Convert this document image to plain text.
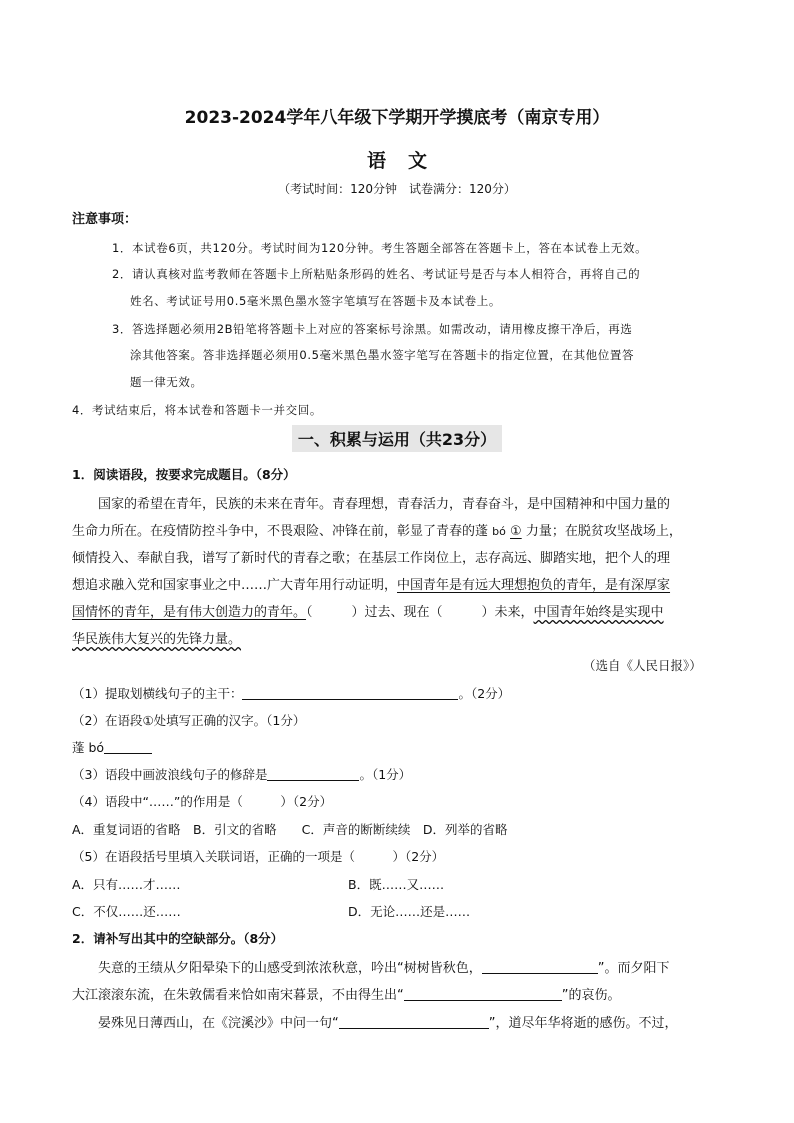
2023-2024学年八年级下学期开学摸底考（南京专用）
语文
（考试时间：120分钟　试卷满分：120分）
注意事项：
1．本试卷6页，共120分。考试时间为120分钟。考生答题全部答在答题卡上，答在本试卷上无效。
2．请认真核对监考教师在答题卡上所粘贴条形码的姓名、考试证号是否与本人相符合，再将自己的
姓名、考试证号用0.5毫米黑色墨水签字笔填写在答题卡及本试卷上。
3．答选择题必须用2B铅笔将答题卡上对应的答案标号涂黑。如需改动，请用橡皮擦干净后，再选
涂其他答案。答非选择题必须用0.5毫米黑色墨水签字笔写在答题卡的指定位置，在其他位置答
题一律无效。
4．考试结束后，将本试卷和答题卡一并交回。
一、积累与运用（共23分）
1．阅读语段，按要求完成题目。（8分）
国家的希望在青年，民族的未来在青年。青春理想，青春活力，青春奋斗，是中国精神和中国力量的
生命力所在。在疫情防控斗争中，不畏艰险、冲锋在前，彰显了青春的蓬 bó ① 力量；在脱贫攻坚战场上，
倾情投入、奉献自我，谱写了新时代的青春之歌；在基层工作岗位上，志存高远、脚踏实地，把个人的理
想追求融入党和国家事业之中……广大青年用行动证明，中国青年是有远大理想抱负的青年，是有深厚家
国情怀的青年，是有伟大创造力的青年。（　　　）过去、现在（　　　）未来，中国青年始终是实现中
华民族伟大复兴的先锋力量。
（选自《人民日报》）
（1）提取划横线句子的主干：	。（2分）
（2）在语段①处填写正确的汉字。（1分）
蓬 bó
（3）语段中画波浪线句子的修辞是	。（1分）
（4）语段中“……”的作用是（　　　）（2分）
A．重复词语的省略　B．引文的省略　　C．声音的断断续续　D．列举的省略
（5）在语段括号里填入关联词语，正确的一项是（　　　）（2分）
A．只有……才……	B．既……又……
C．不仅……还……	D．无论……还是……
2．请补写出其中的空缺部分。（8分）
失意的王绩从夕阳晕染下的山感受到浓浓秋意，吟出“树树皆秋色，	”。而夕阳下
大江滚滚东流，在朱敦儒看来恰如南宋暮景，不由得生出“	”的哀伤。
晏殊见日薄西山，在《浣溪沙》中问一句“	”，道尽年华将逝的感伤。不过，
